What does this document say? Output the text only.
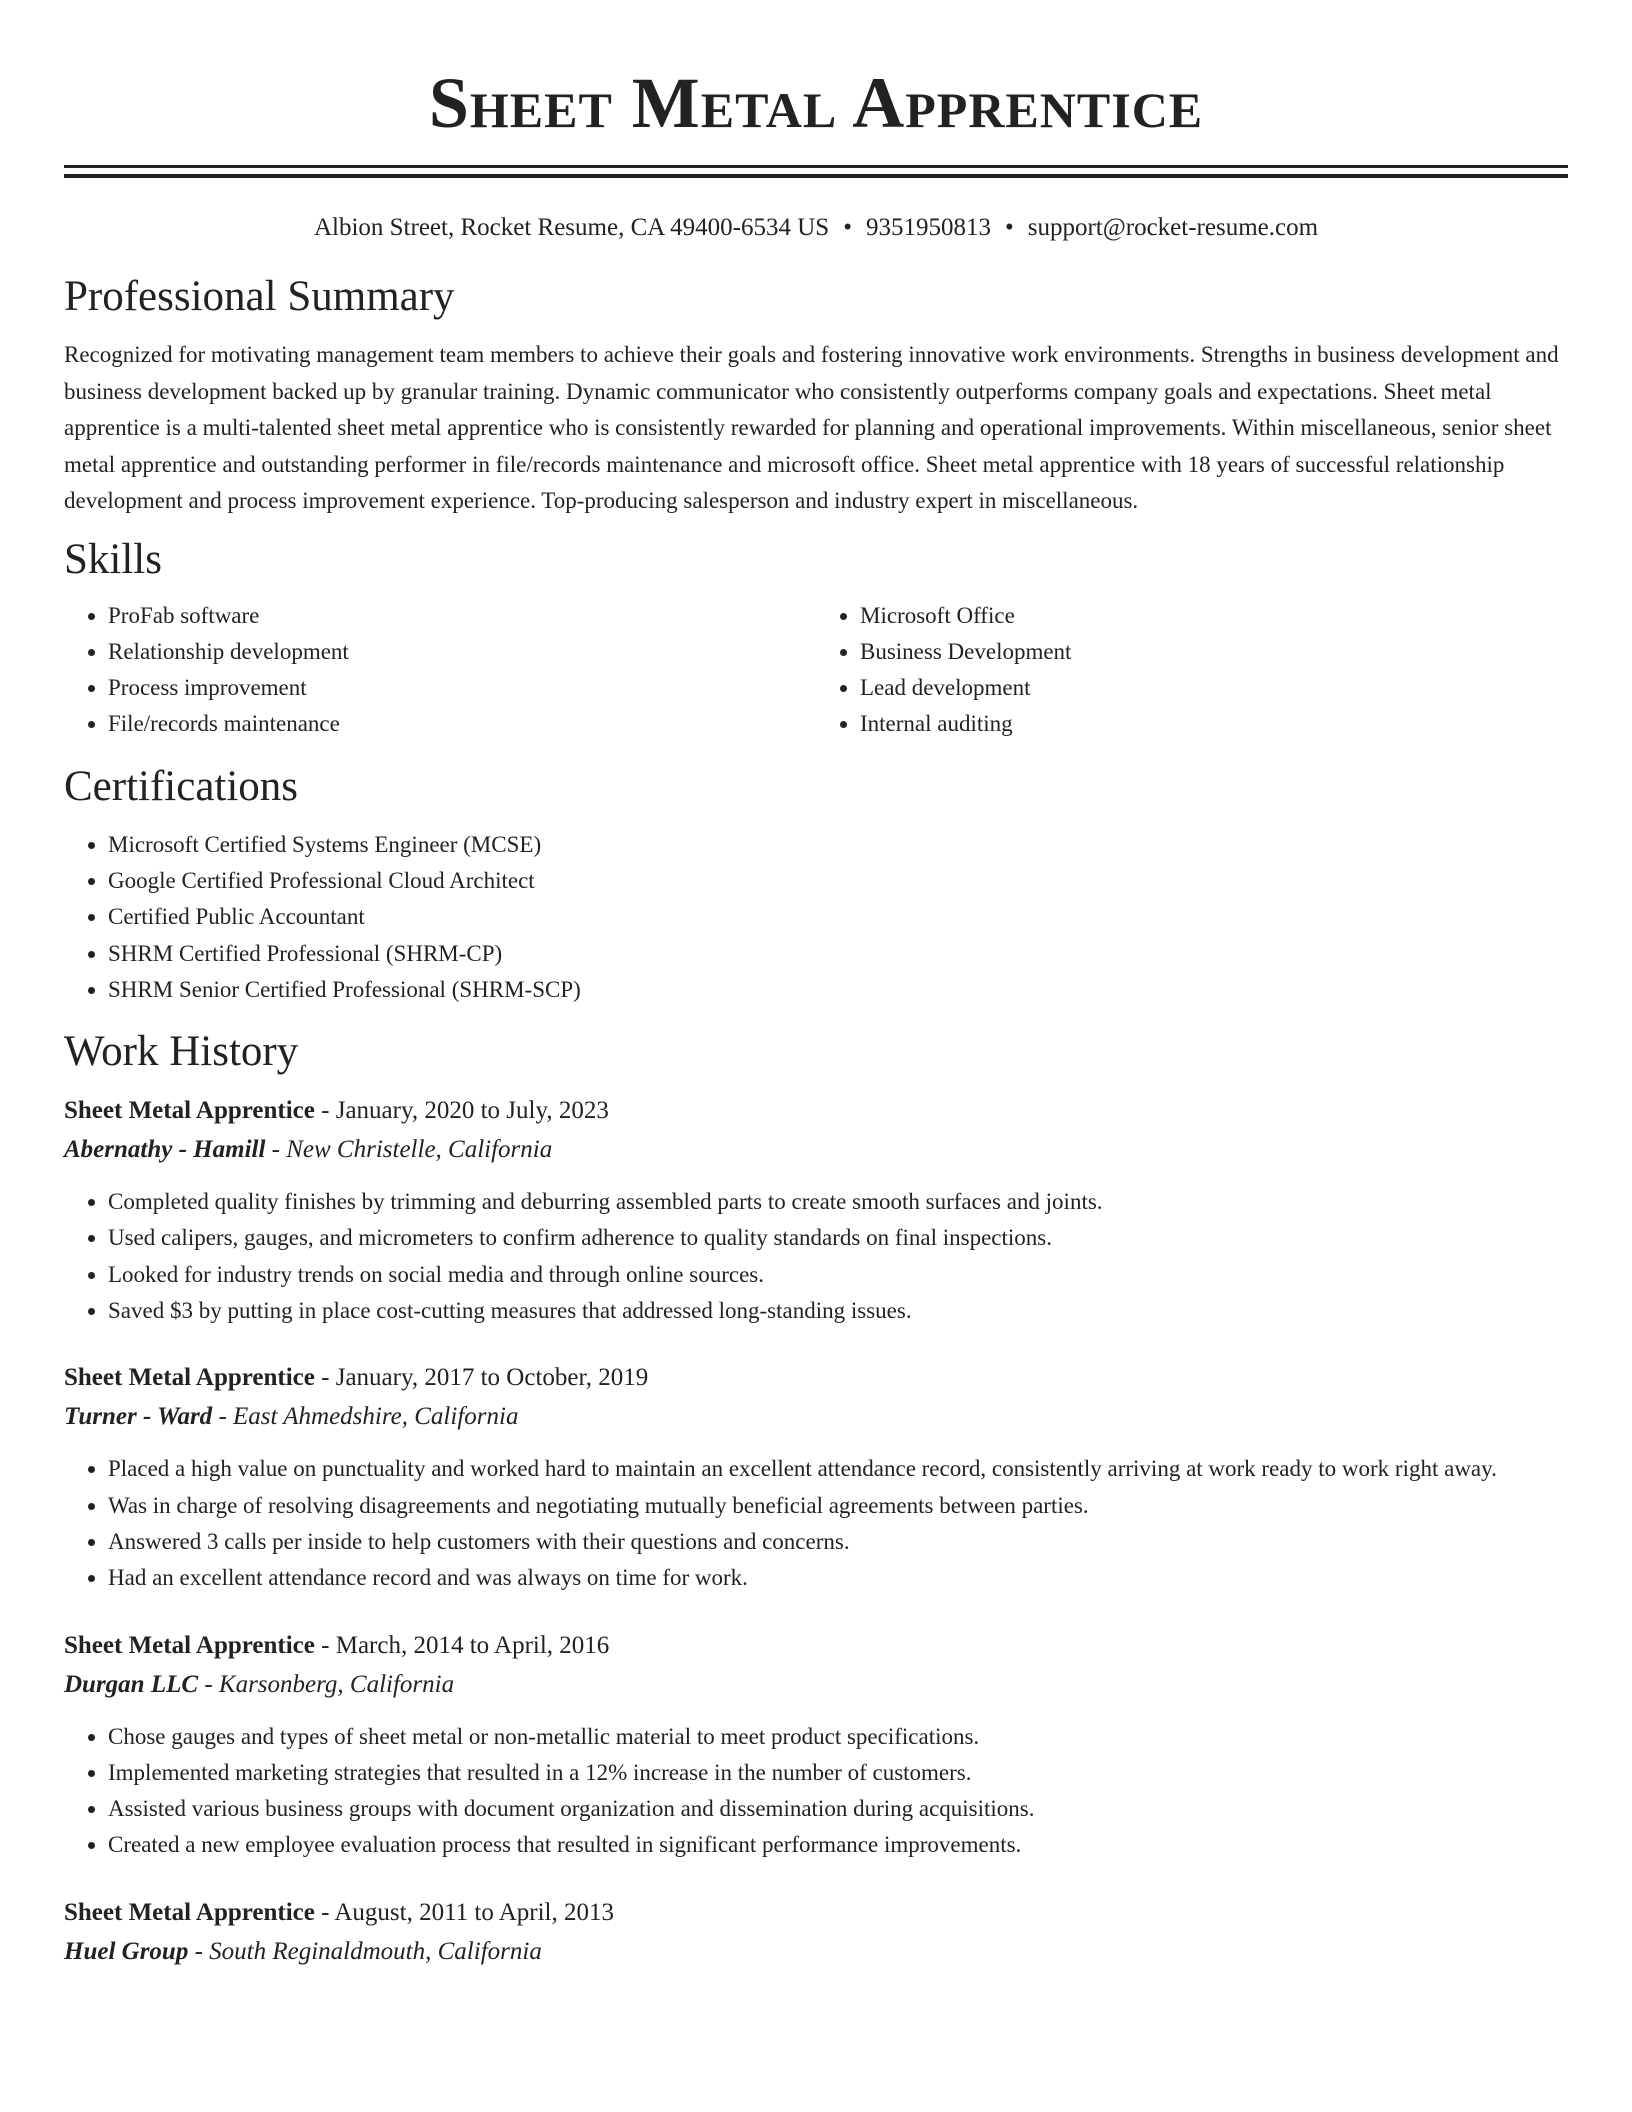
Sheet Metal Apprentice
Albion Street, Rocket Resume, CA 49400-6534 US • 9351950813 • support@rocket-resume.com
Professional Summary

Recognized for motivating management team members to achieve their goals and fostering innovative work environments. Strengths in business development and business development backed up by granular training. Dynamic communicator who consistently outperforms company goals and expectations. Sheet metal apprentice is a multi-talented sheet metal apprentice who is consistently rewarded for planning and operational improvements. Within miscellaneous, senior sheet metal apprentice and outstanding performer in file/records maintenance and microsoft office. Sheet metal apprentice with 18 years of successful relationship development and process improvement experience. Top-producing salesperson and industry expert in miscellaneous.

Skills
• ProFab software
• Relationship development
• Process improvement
• File/records maintenance
• Microsoft Office
• Business Development
• Lead development
• Internal auditing
Certifications
• Microsoft Certified Systems Engineer (MCSE)
• Google Certified Professional Cloud Architect
• Certified Public Accountant
• SHRM Certified Professional (SHRM-CP)
• SHRM Senior Certified Professional (SHRM-SCP)
Work History
Sheet Metal Apprentice - January, 2020 to July, 2023
Abernathy - Hamill - New Christelle, California
• Completed quality finishes by trimming and deburring assembled parts to create smooth surfaces and joints.
• Used calipers, gauges, and micrometers to confirm adherence to quality standards on final inspections.
• Looked for industry trends on social media and through online sources.
• Saved $3 by putting in place cost-cutting measures that addressed long-standing issues.
Sheet Metal Apprentice - January, 2017 to October, 2019
Turner - Ward - East Ahmedshire, California
• Placed a high value on punctuality and worked hard to maintain an excellent attendance record, consistently arriving at work ready to work right away.
• Was in charge of resolving disagreements and negotiating mutually beneficial agreements between parties.
• Answered 3 calls per inside to help customers with their questions and concerns.
• Had an excellent attendance record and was always on time for work.
Sheet Metal Apprentice - March, 2014 to April, 2016
Durgan LLC - Karsonberg, California
• Chose gauges and types of sheet metal or non-metallic material to meet product specifications.
• Implemented marketing strategies that resulted in a 12% increase in the number of customers.
• Assisted various business groups with document organization and dissemination during acquisitions.
• Created a new employee evaluation process that resulted in significant performance improvements.
Sheet Metal Apprentice - August, 2011 to April, 2013
Huel Group - South Reginaldmouth, California
